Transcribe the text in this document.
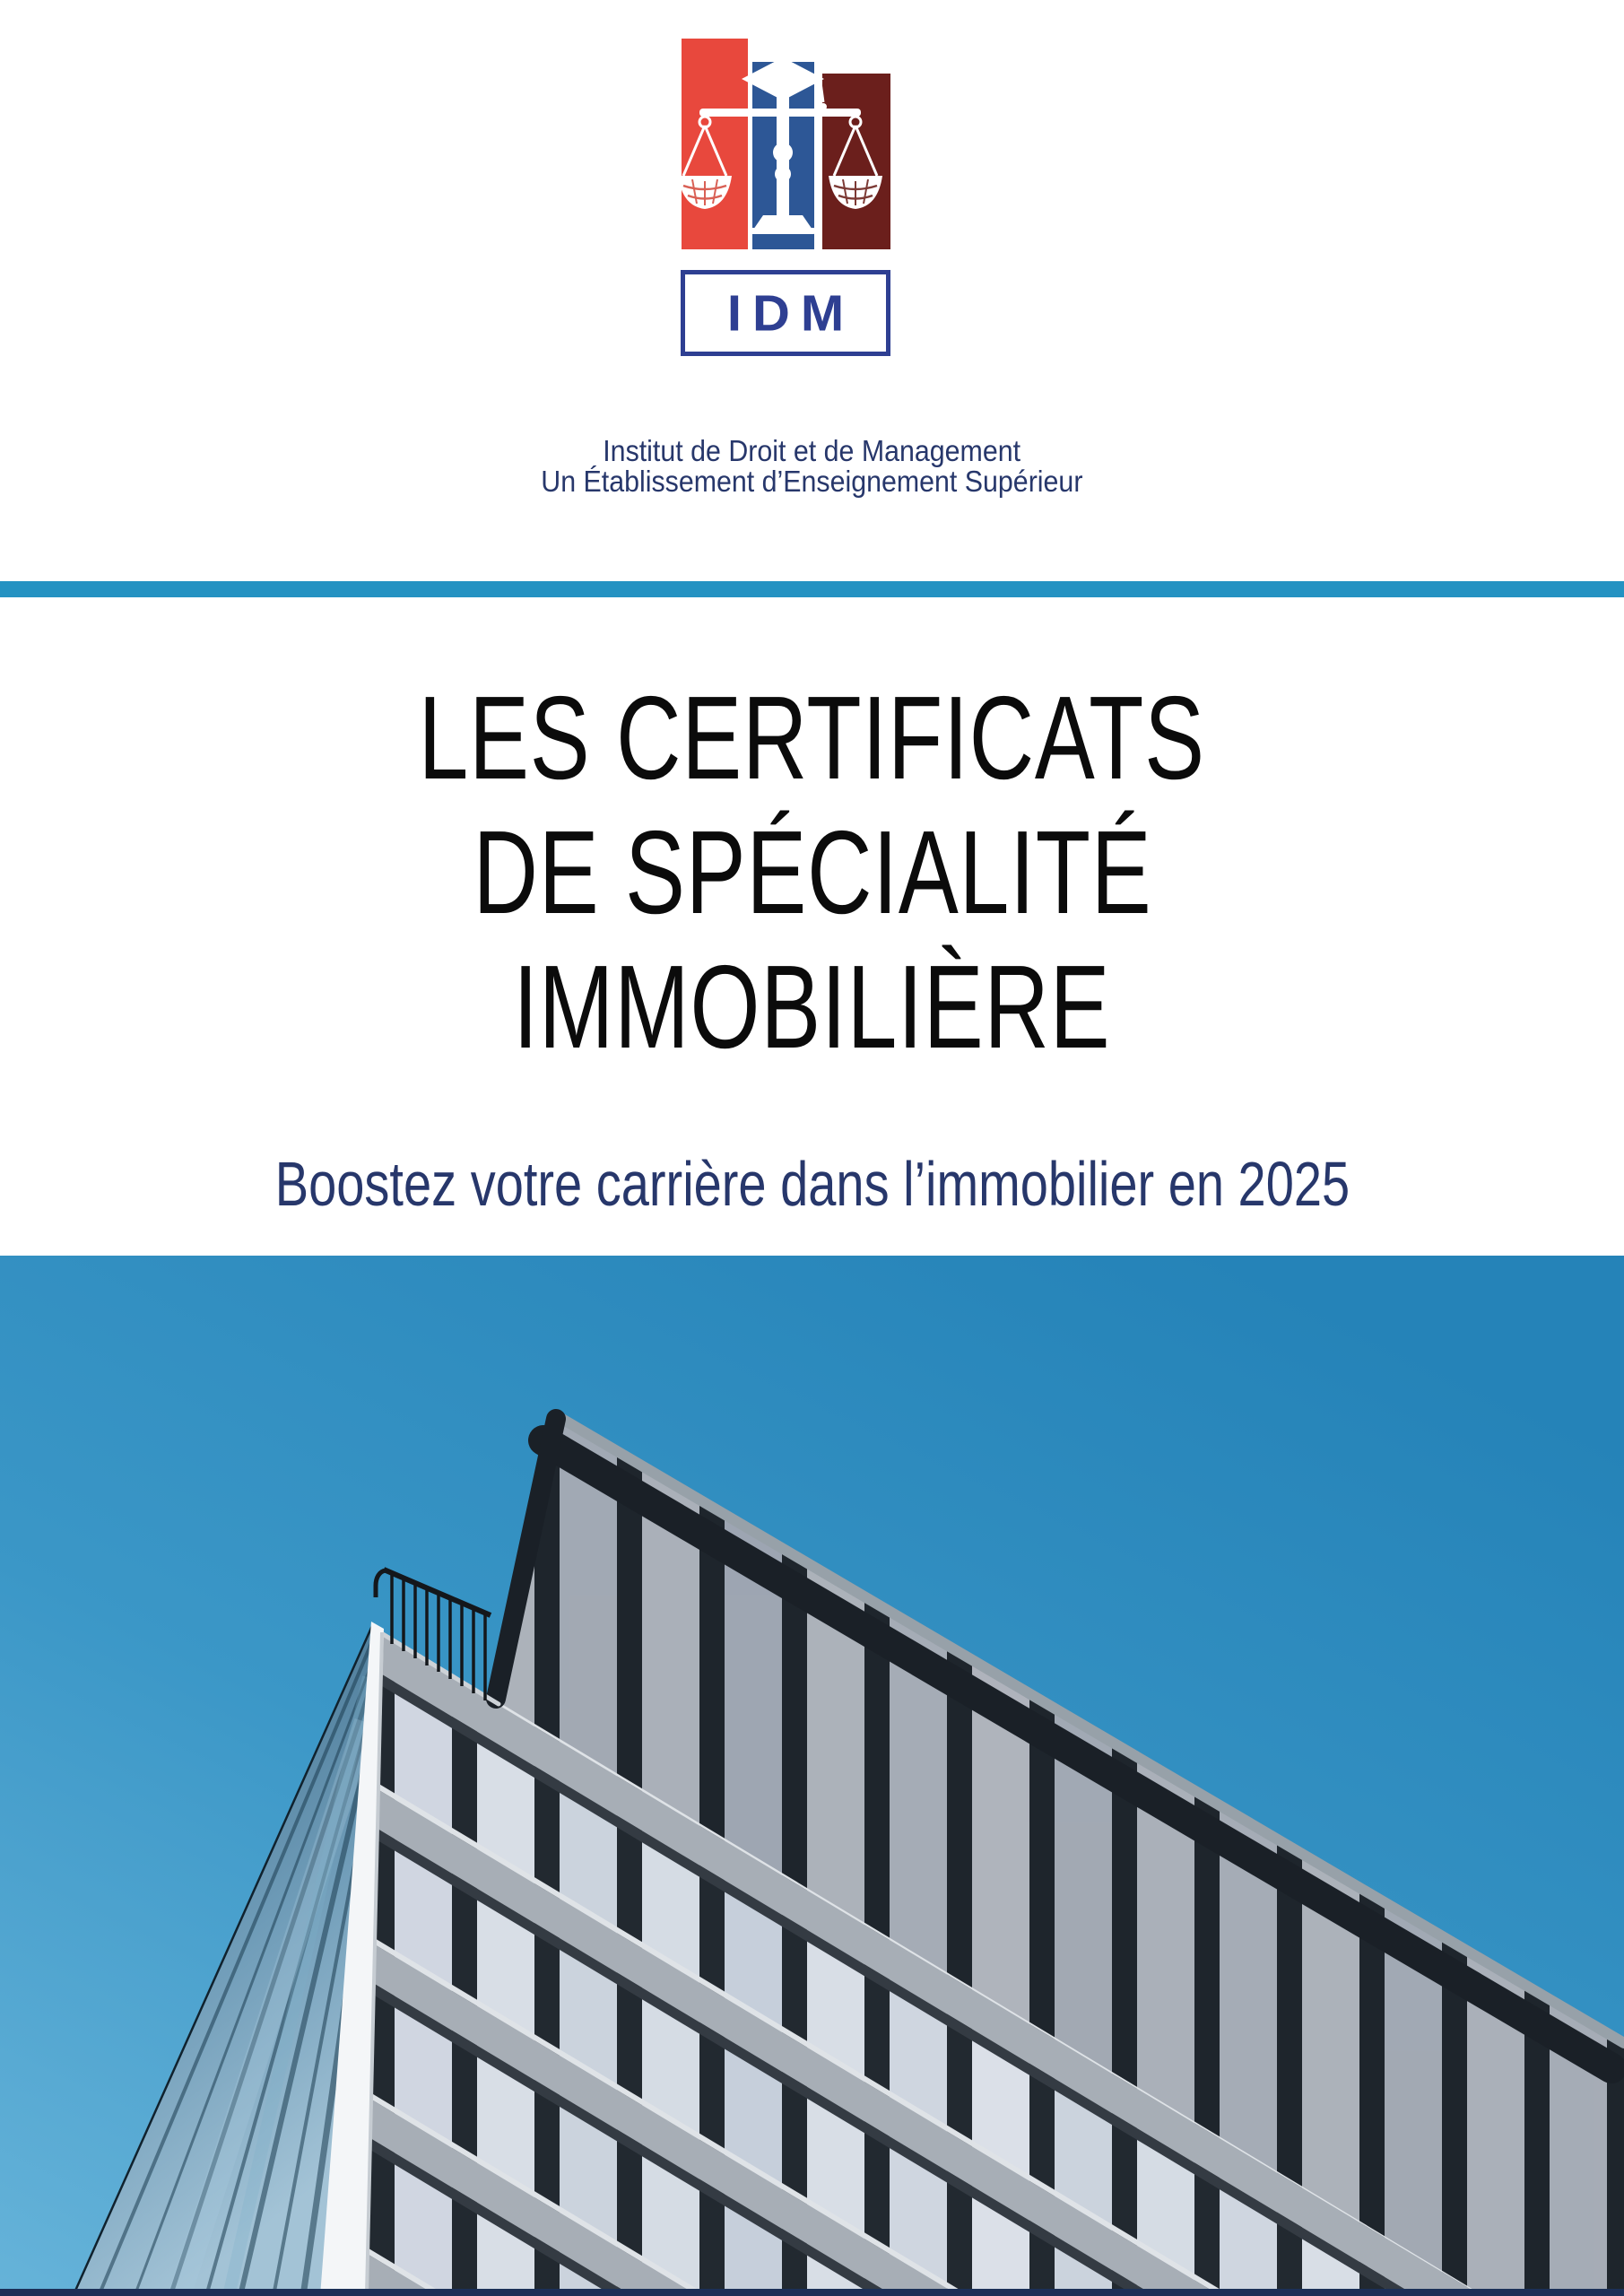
IDM
Institut de Droit et de Management
Un Établissement d’Enseignement Supérieur
LES CERTIFICATS
DE SPÉCIALITÉ
IMMOBILIÈRE
Boostez votre carrière dans l’immobilier en 2025
